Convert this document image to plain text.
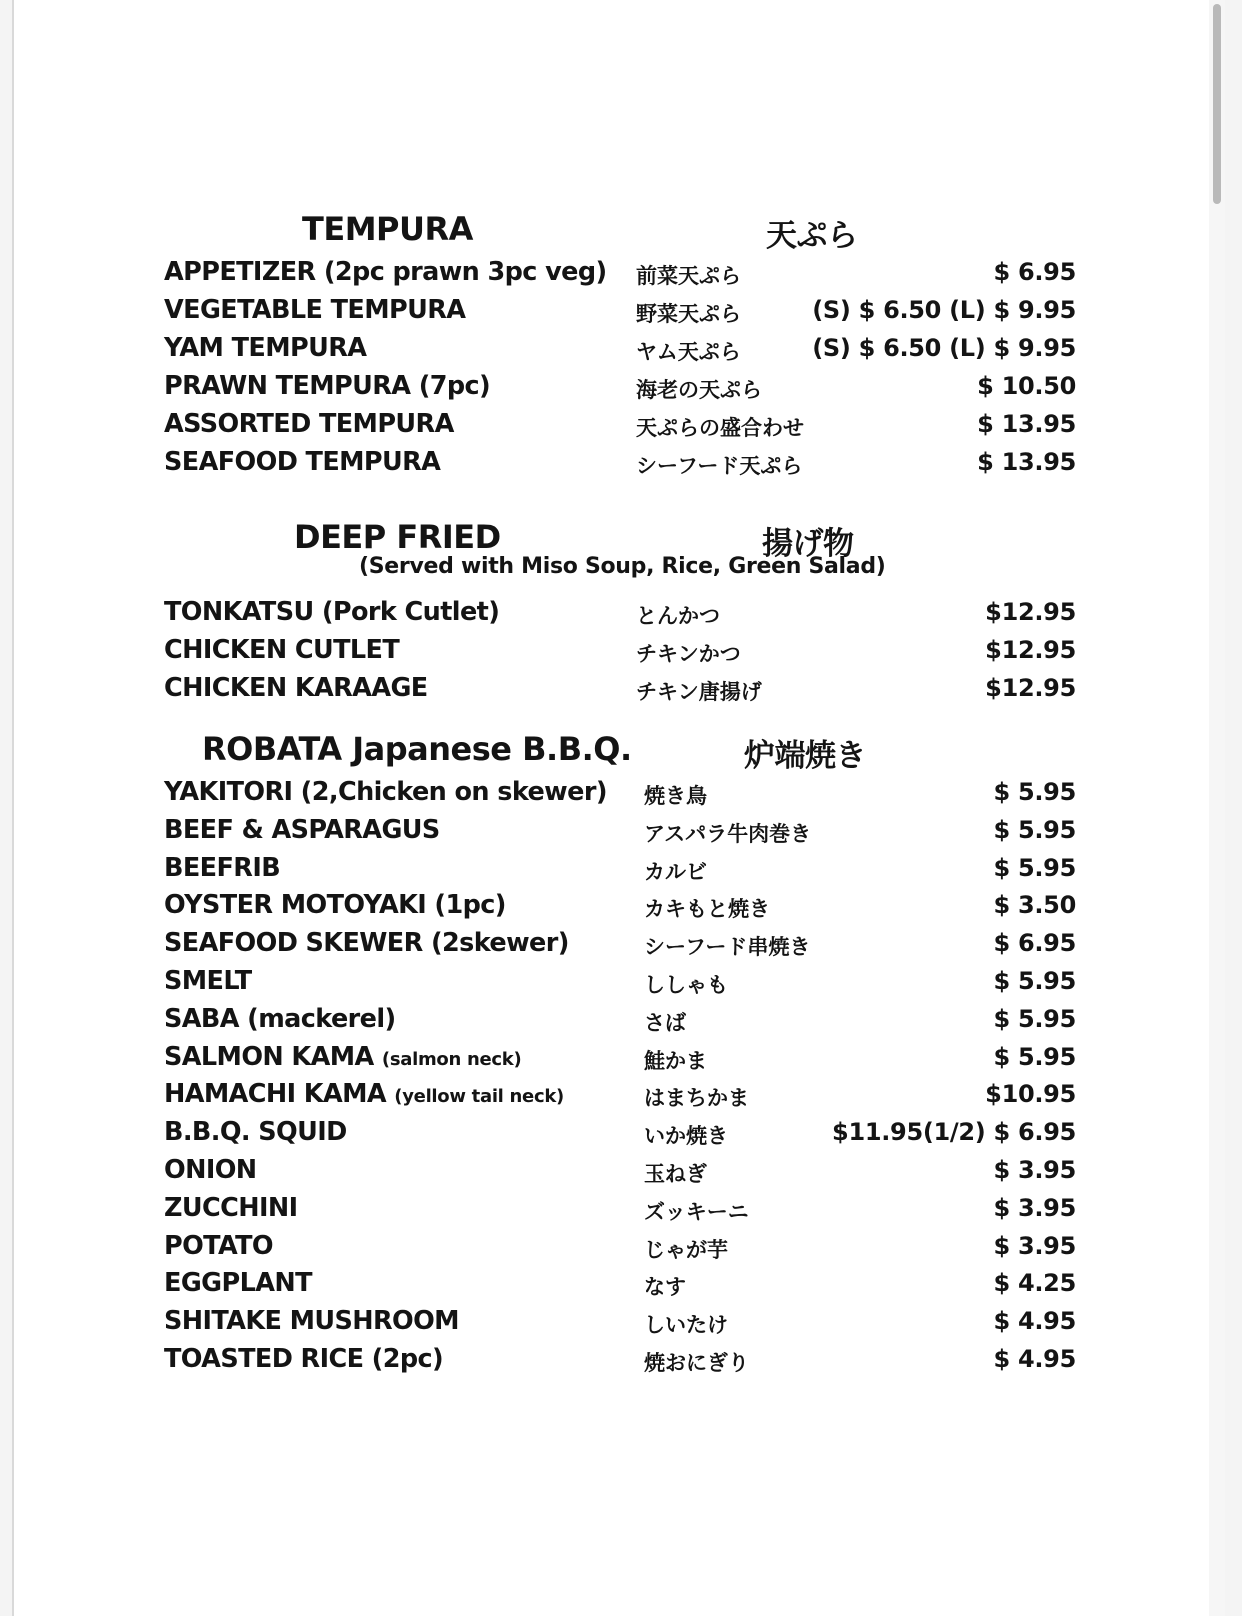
TEMPURA	天ぷら
APPETIZER (2pc prawn 3pc veg) 前菜天ぷら	$ 6.95
VEGETABLE TEMPURA	野菜天ぷら	(S) $ 6.50 (L) $ 9.95
YAM TEMPURA	ヤム天ぷら	(S) $ 6.50 (L) $ 9.95
PRAWN TEMPURA (7pc)	海老の天ぷら	$ 10.50
ASSORTED TEMPURA	天ぷらの盛合わせ	$ 13.95
SEAFOOD TEMPURA	シーフード天ぷら	$ 13.95
DEEP FRIED	揚げ物

(Served with Miso Soup, Rice, Green Salad)

TONKATSU (Pork Cutlet)	とんかつ	$12.95
CHICKEN CUTLET	チキンかつ	$12.95
CHICKEN KARAAGE	チキン唐揚げ	$12.95
ROBATA Japanese B.B.Q.	炉端焼き
YAKITORI (2,Chicken on skewer) 焼き鳥	$ 5.95
BEEF & ASPARAGUS	アスパラ牛肉巻き	$ 5.95
BEEFRIB	カルビ	$ 5.95
OYSTER MOTOYAKI (1pc)	カキもと焼き	$ 3.50
SEAFOOD SKEWER (2skewer)	シーフード串焼き	$ 6.95
SMELT	ししゃも	$ 5.95
SABA (mackerel)	さば	$ 5.95
SALMON KAMA (salmon neck)	鮭かま	$ 5.95
HAMACHI KAMA (yellow tail neck)	はまちかま	$10.95
B.B.Q. SQUID	いか焼き	$11.95(1/2) $ 6.95
ONION	玉ねぎ	$ 3.95
ZUCCHINI	ズッキーニ	$ 3.95
POTATO	じゃが芋	$ 3.95
EGGPLANT	なす	$ 4.25
SHITAKE MUSHROOM	しいたけ	$ 4.95
TOASTED RICE (2pc)	焼おにぎり	$ 4.95
